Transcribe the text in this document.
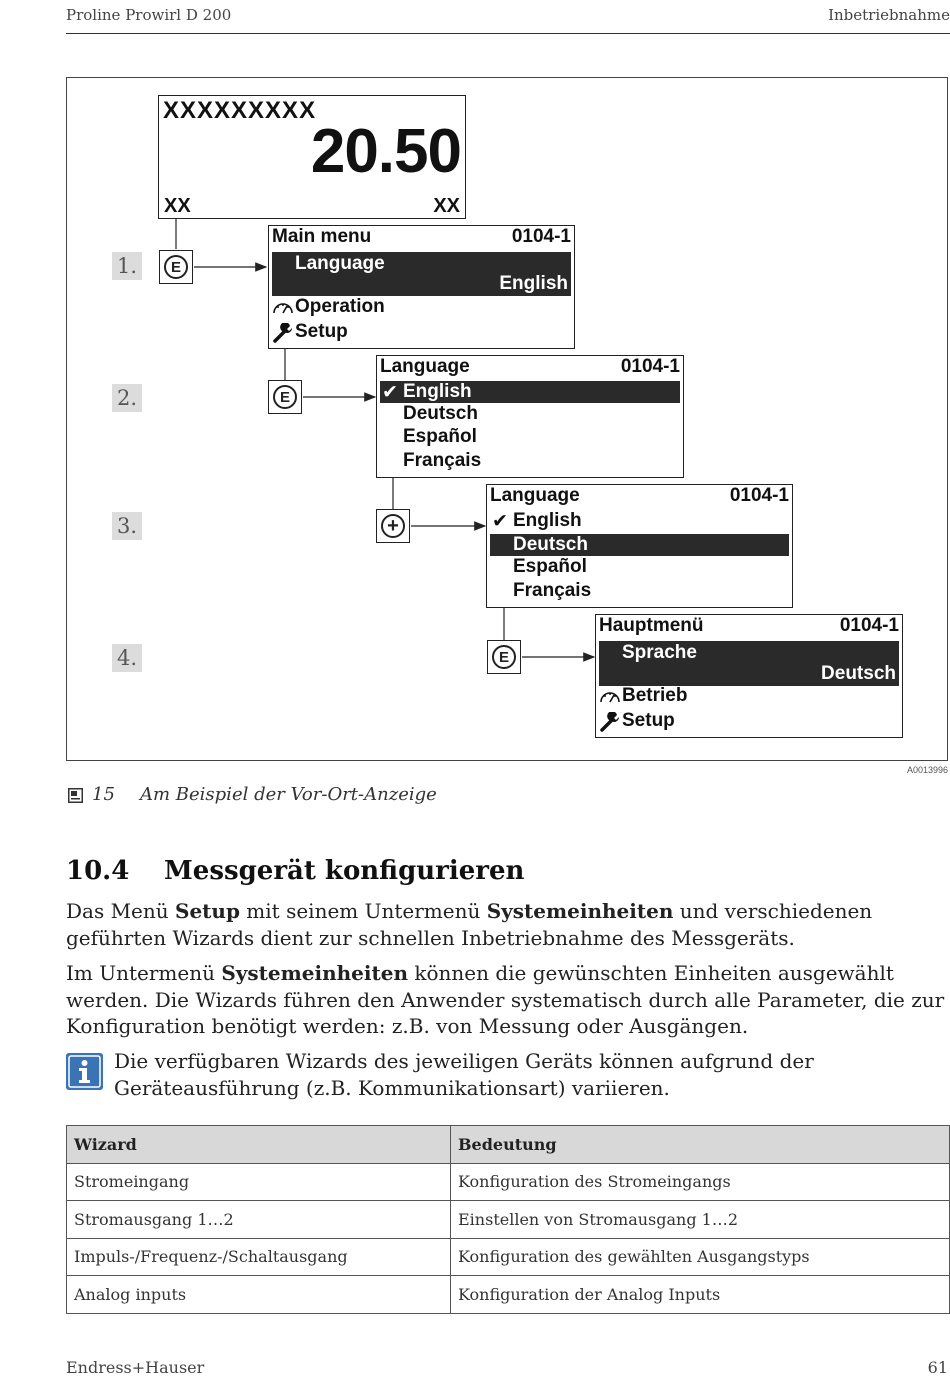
Proline Prowirl D 200	Inbetriebnahme
1.
2.
3.
4.
XXXXXXXXX
20.50
XX	XX
E
E
+
E
Main menu	0104-1
Language
English
Operation
Setup
Language	0104-1
✔ English
Deutsch
Español
Français
Language	0104-1
✔ English
Deutsch
Español
Français
Hauptmenü	0104-1
Sprache
Deutsch
Betrieb
Setup
A0013996
15 Am Beispiel der Vor-Ort-Anzeige
10.4 Messgerät konfigurieren
Das Menü Setup mit seinem Untermenü Systemeinheiten und verschiedenen geführten Wizards dient zur schnellen Inbetriebnahme des Messgeräts.
Im Untermenü Systemeinheiten können die gewünschten Einheiten ausgewählt werden. Die Wizards führen den Anwender systematisch durch alle Parameter, die zur Konfiguration benötigt werden: z.B. von Messung oder Ausgängen.
Die verfügbaren Wizards des jeweiligen Geräts können aufgrund der Geräteausführung (z.B. Kommunikationsart) variieren.
Wizard	Bedeutung
Stromeingang	Konfiguration des Stromeingangs
Stromausgang 1…2	Einstellen von Stromausgang 1…2
Impuls-/Frequenz-/Schaltausgang	Konfiguration des gewählten Ausgangstyps
Analog inputs	Konfiguration der Analog Inputs
Endress+Hauser	61
